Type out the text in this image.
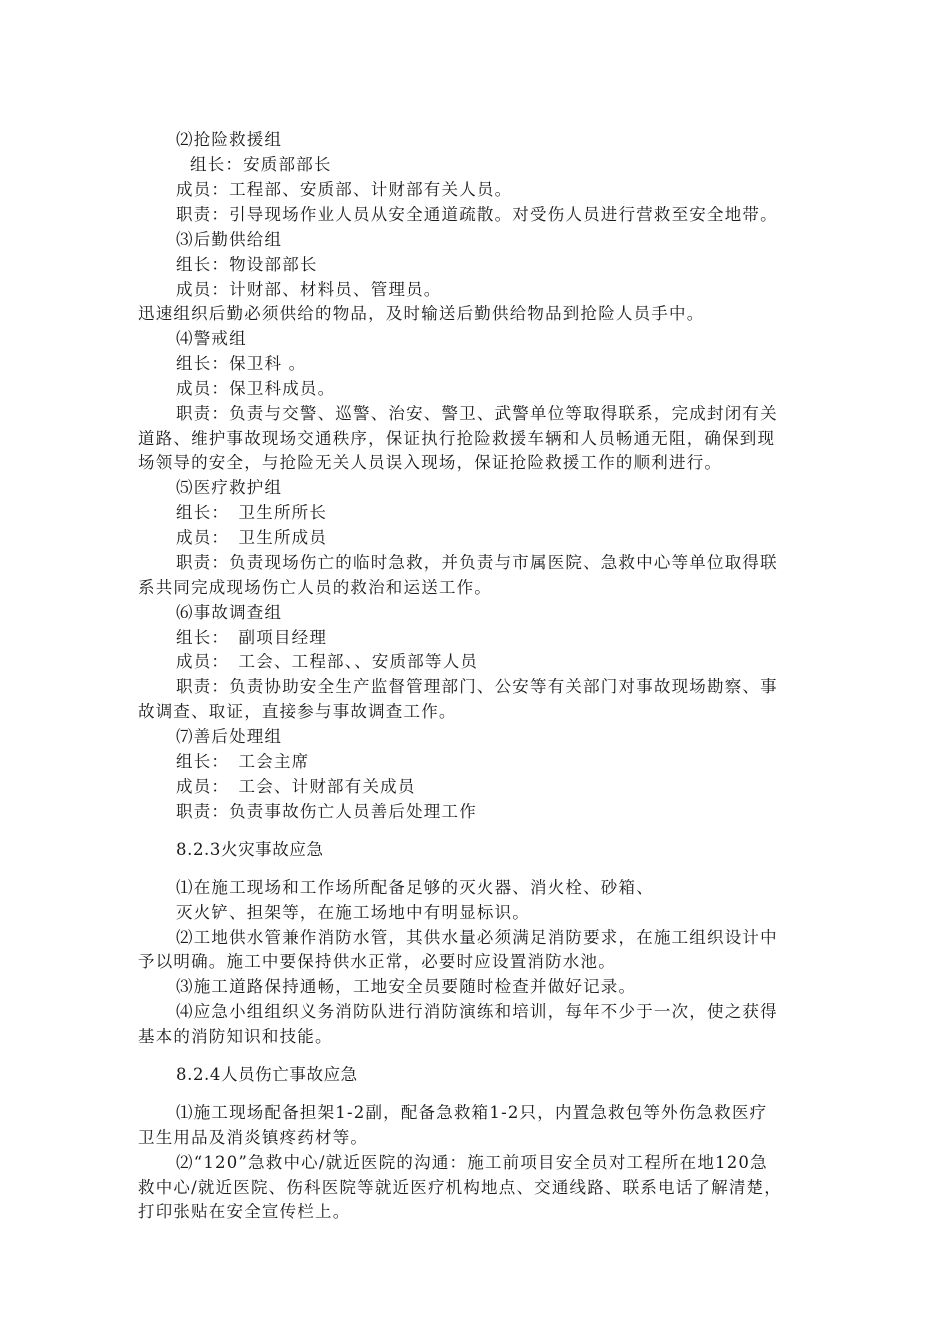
⑵抢险救援组
组长：安质部部长
成员：工程部、安质部、计财部有关人员。
职责：引导现场作业人员从安全通道疏散。对受伤人员进行营救至安全地带。
⑶后勤供给组
组长：物设部部长
成员：计财部、材料员、管理员。
迅速组织后勤必须供给的物品，及时输送后勤供给物品到抢险人员手中。
⑷警戒组
组长：保卫科 。
成员：保卫科成员。
职责：负责与交警、巡警、治安、警卫、武警单位等取得联系，完成封闭有关
道路、维护事故现场交通秩序，保证执行抢险救援车辆和人员畅通无阻，确保到现
场领导的安全，与抢险无关人员误入现场，保证抢险救援工作的顺利进行。
⑸医疗救护组
组长：　卫生所所长
成员：　卫生所成员
职责：负责现场伤亡的临时急救，并负责与市属医院、急救中心等单位取得联
系共同完成现场伤亡人员的救治和运送工作。
⑹事故调查组
组长：　副项目经理
成员：　工会、工程部、、安质部等人员
职责：负责协助安全生产监督管理部门、公安等有关部门对事故现场勘察、事
故调查、取证，直接参与事故调查工作。
⑺善后处理组
组长：　工会主席
成员：　工会、计财部有关成员
职责：负责事故伤亡人员善后处理工作
8.2.3火灾事故应急
⑴在施工现场和工作场所配备足够的灭火器、消火栓、砂箱、
灭火铲、担架等，在施工场地中有明显标识。
⑵工地供水管兼作消防水管，其供水量必须满足消防要求，在施工组织设计中
予以明确。施工中要保持供水正常，必要时应设置消防水池。
⑶施工道路保持通畅，工地安全员要随时检查并做好记录。
⑷应急小组组织义务消防队进行消防演练和培训，每年不少于一次，使之获得
基本的消防知识和技能。
8.2.4人员伤亡事故应急
⑴施工现场配备担架1-2副，配备急救箱1-2只，内置急救包等外伤急救医疗
卫生用品及消炎镇疼药材等。
⑵“120”急救中心/就近医院的沟通：施工前项目安全员对工程所在地120急
救中心/就近医院、伤科医院等就近医疗机构地点、交通线路、联系电话了解清楚，
打印张贴在安全宣传栏上。
